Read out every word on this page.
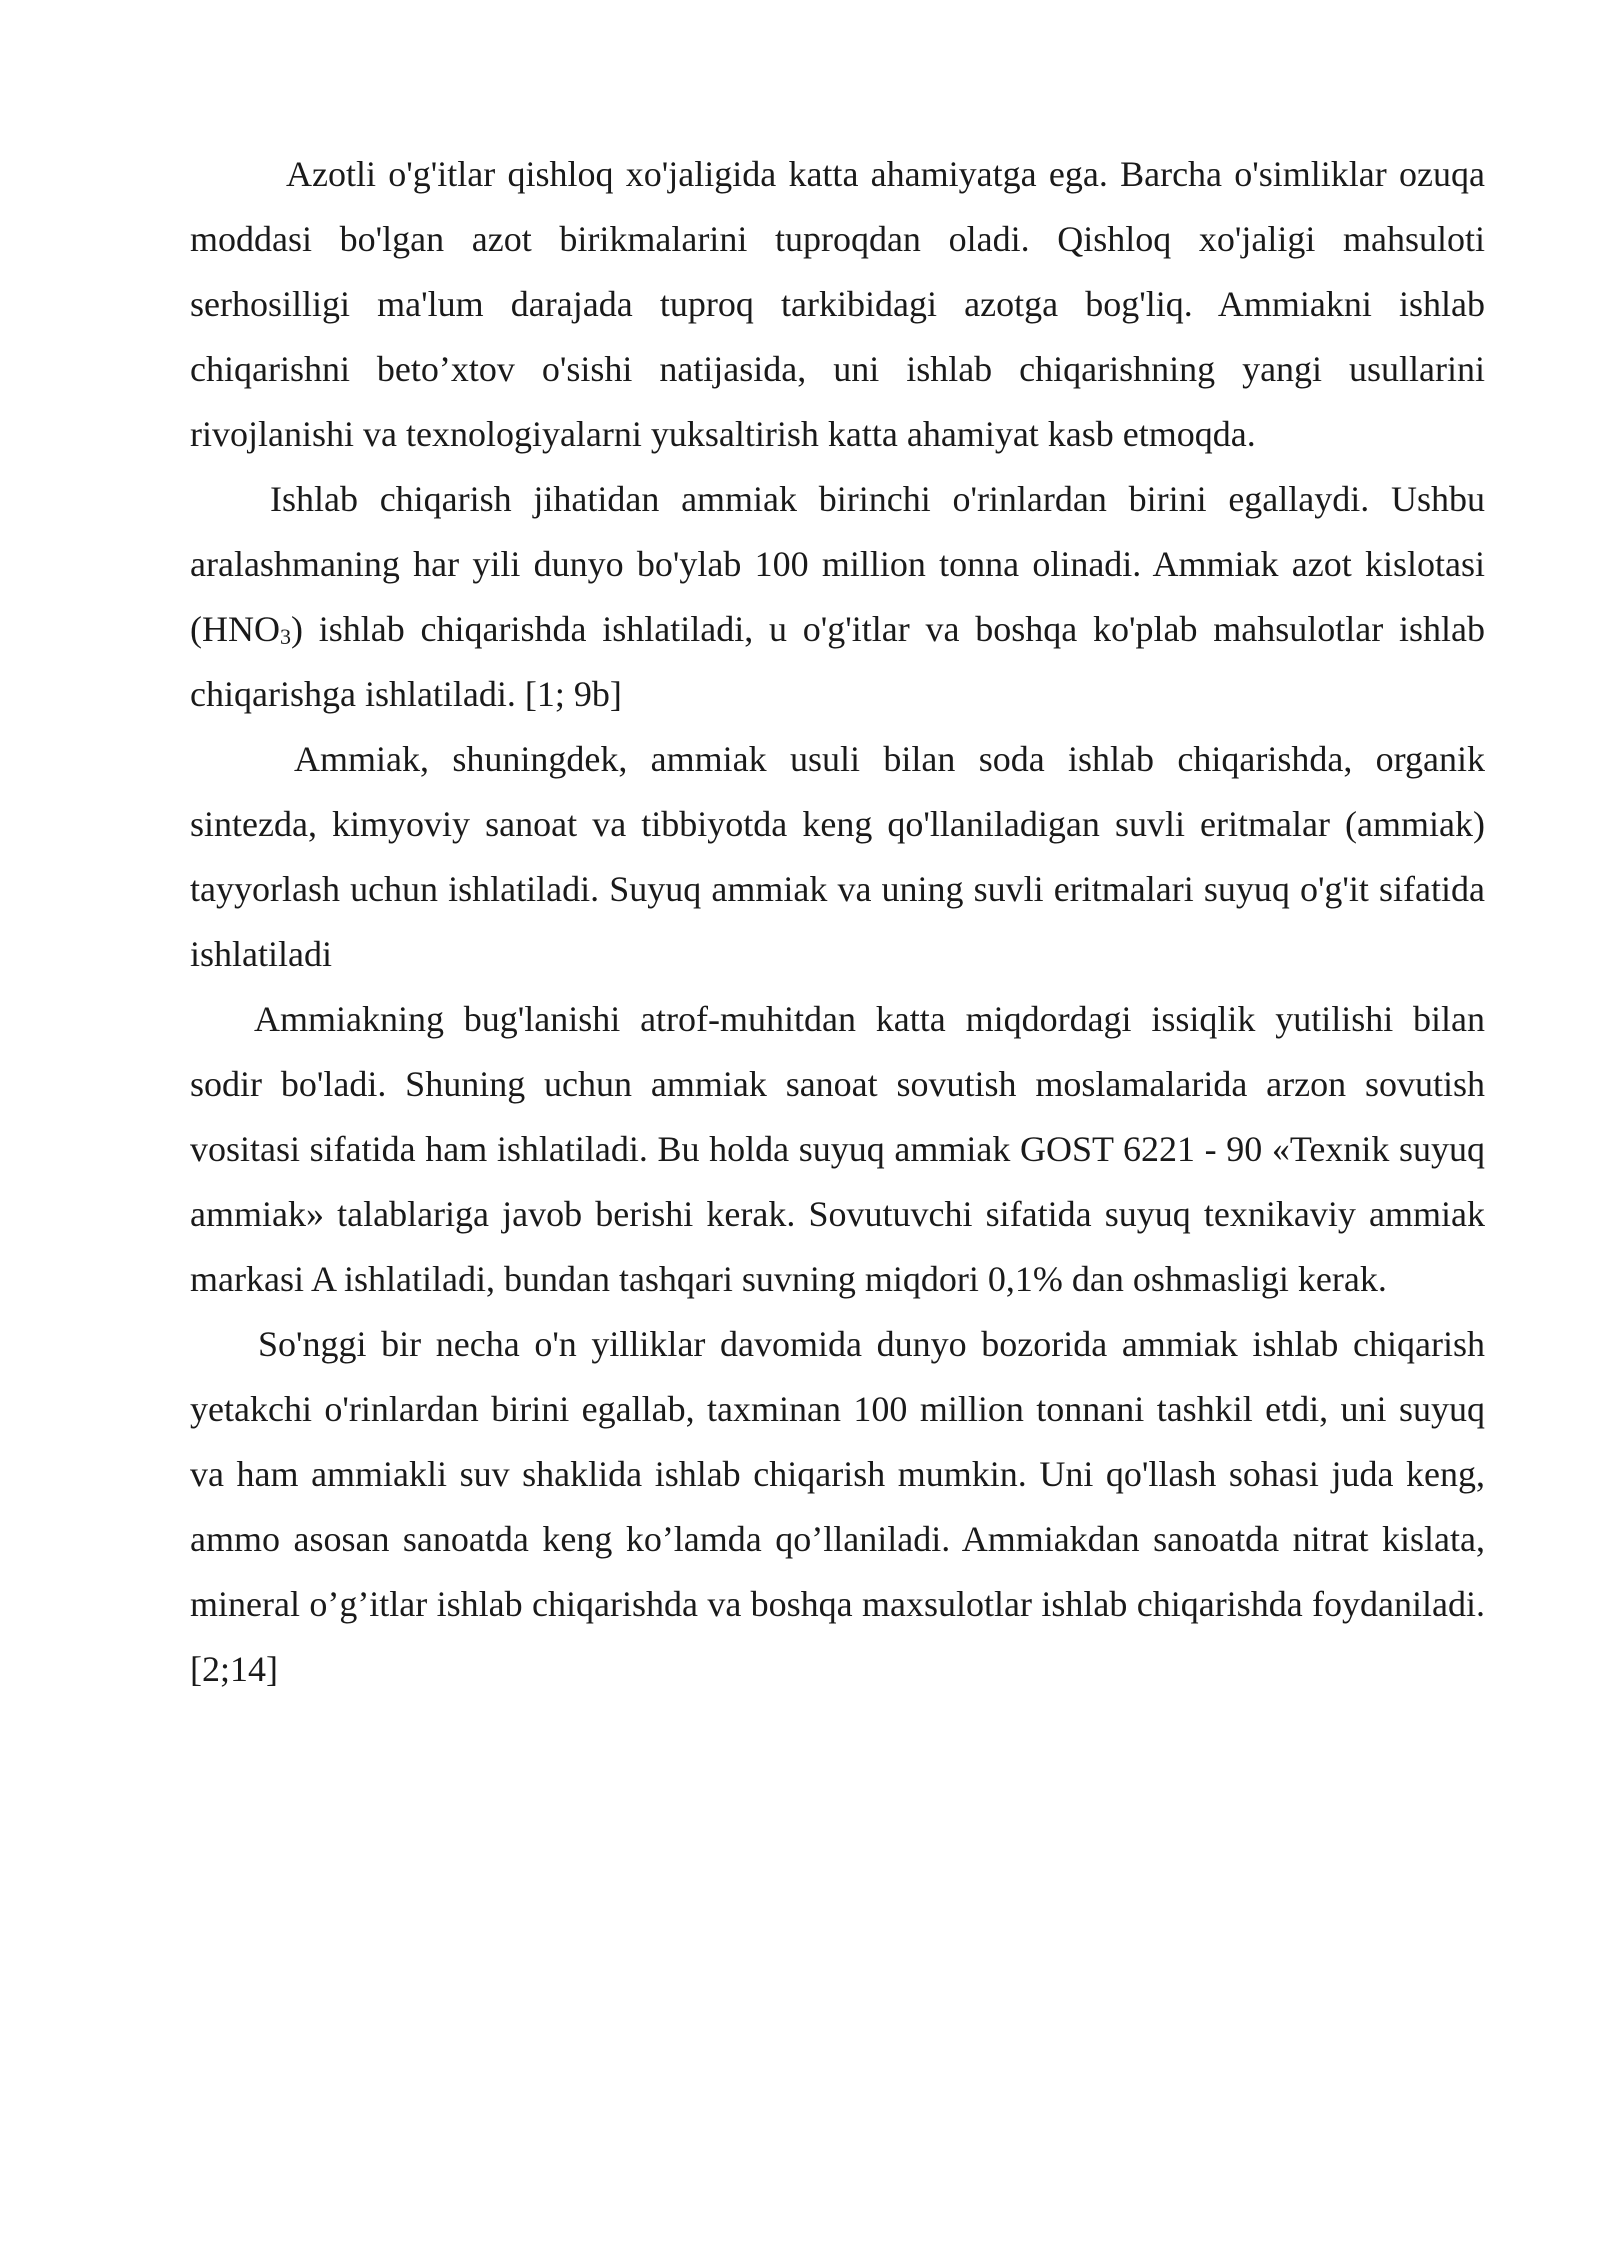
Azotli o'g'itlar qishloq xo'jaligida katta ahamiyatga ega. Barcha o'simliklar ozuqa moddasi bo'lgan azot birikmalarini tuproqdan oladi. Qishloq xo'jaligi mahsuloti serhosilligi ma'lum darajada tuproq tarkibidagi azotga bog'liq. Ammiakni ishlab chiqarishni beto’xtov o'sishi natijasida, uni ishlab chiqarishning yangi usullarini rivojlanishi va texnologiyalarni yuksaltirish katta ahamiyat kasb etmoqda.

Ishlab chiqarish jihatidan ammiak birinchi o'rinlardan birini egallaydi. Ushbu aralashmaning har yili dunyo bo'ylab 100 million tonna olinadi. Ammiak azot kislotasi $(HNO_3)$ ishlab chiqarishda ishlatiladi, u o'g'itlar va boshqa ko'plab mahsulotlar ishlab chiqarishga ishlatiladi. [1; 9b]

Ammiak, shuningdek, ammiak usuli bilan soda ishlab chiqarishda, organik sintezda, kimyoviy sanoat va tibbiyotda keng qo'llaniladigan suvli eritmalar (ammiak) tayyorlash uchun ishlatiladi. Suyuq ammiak va uning suvli eritmalari suyuq o'g'it sifatida ishlatiladi

Ammiakning bug'lanishi atrof-muhitdan katta miqdordagi issiqlik yutilishi bilan sodir bo'ladi. Shuning uchun ammiak sanoat sovutish moslamalarida arzon sovutish vositasi sifatida ham ishlatiladi. Bu holda suyuq ammiak GOST 6221 - 90 «Texnik suyuq ammiak» talablariga javob berishi kerak. Sovutuvchi sifatida suyuq texnikaviy ammiak markasi A ishlatiladi, bundan tashqari suvning miqdori 0,1% dan oshmasligi kerak.

So'nggi bir necha o'n yilliklar davomida dunyo bozorida ammiak ishlab chiqarish yetakchi o'rinlardan birini egallab, taxminan 100 million tonnani tashkil etdi, uni suyuq va ham ammiakli suv shaklida ishlab chiqarish mumkin. Uni qo'llash sohasi juda keng, ammo asosan sanoatda keng ko’lamda qo’llaniladi. Ammiakdan sanoatda nitrat kislata, mineral o’g’itlar ishlab chiqarishda va boshqa maxsulotlar ishlab chiqarishda foydaniladi. [2;14]
